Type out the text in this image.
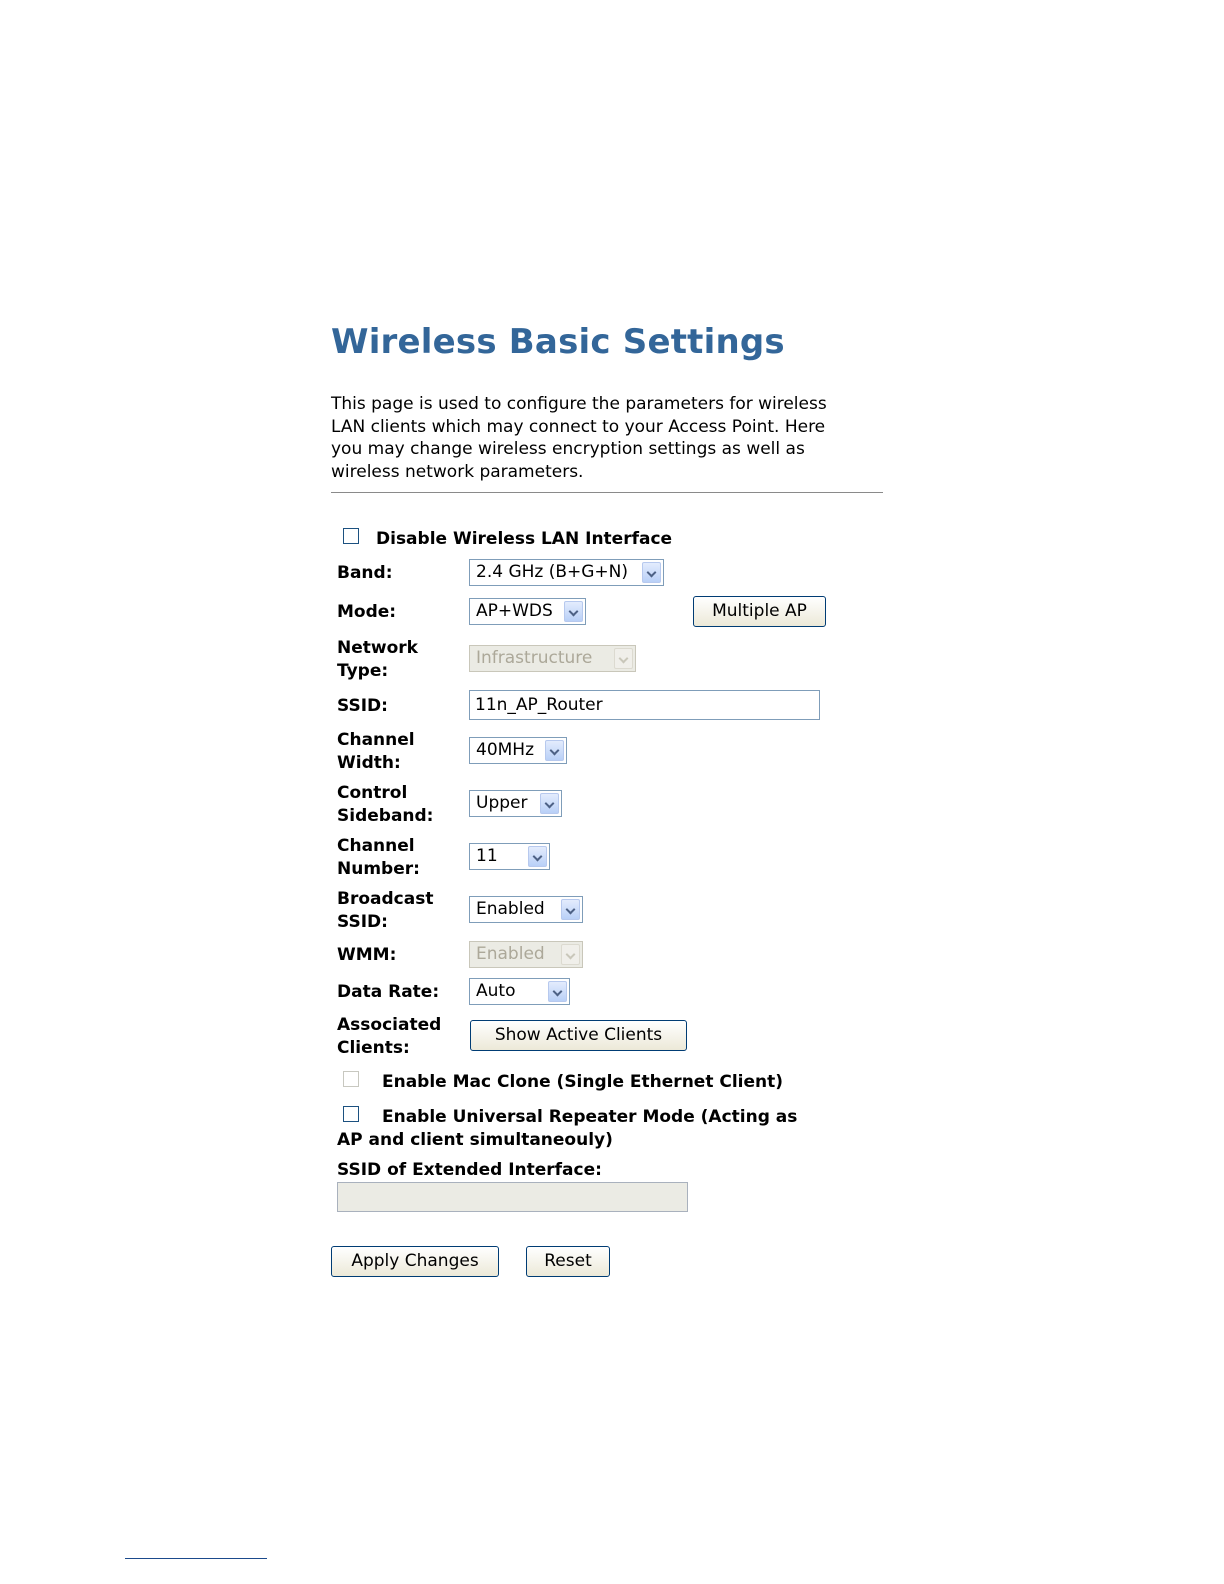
Wireless Basic Settings
This page is used to configure the parameters for wireless
LAN clients which may connect to your Access Point. Here
you may change wireless encryption settings as well as
wireless network parameters.
Disable Wireless LAN Interface
Band:	2.4 GHz (B+G+N)
Mode:	AP+WDS	Multiple AP
Network
Type:
Infrastructure
SSID:	11n_AP_Router
Channel
Width:
40MHz
Control
Sideband:
Upper
Channel
Number:
11
Broadcast
SSID:
Enabled
WMM:	Enabled
Data Rate:	Auto
Associated
Clients:
Show Active Clients
Enable Mac Clone (Single Ethernet Client)
Enable Universal Repeater Mode (Acting as
AP and client simultaneouly)
SSID of Extended Interface:
Apply Changes	Reset
